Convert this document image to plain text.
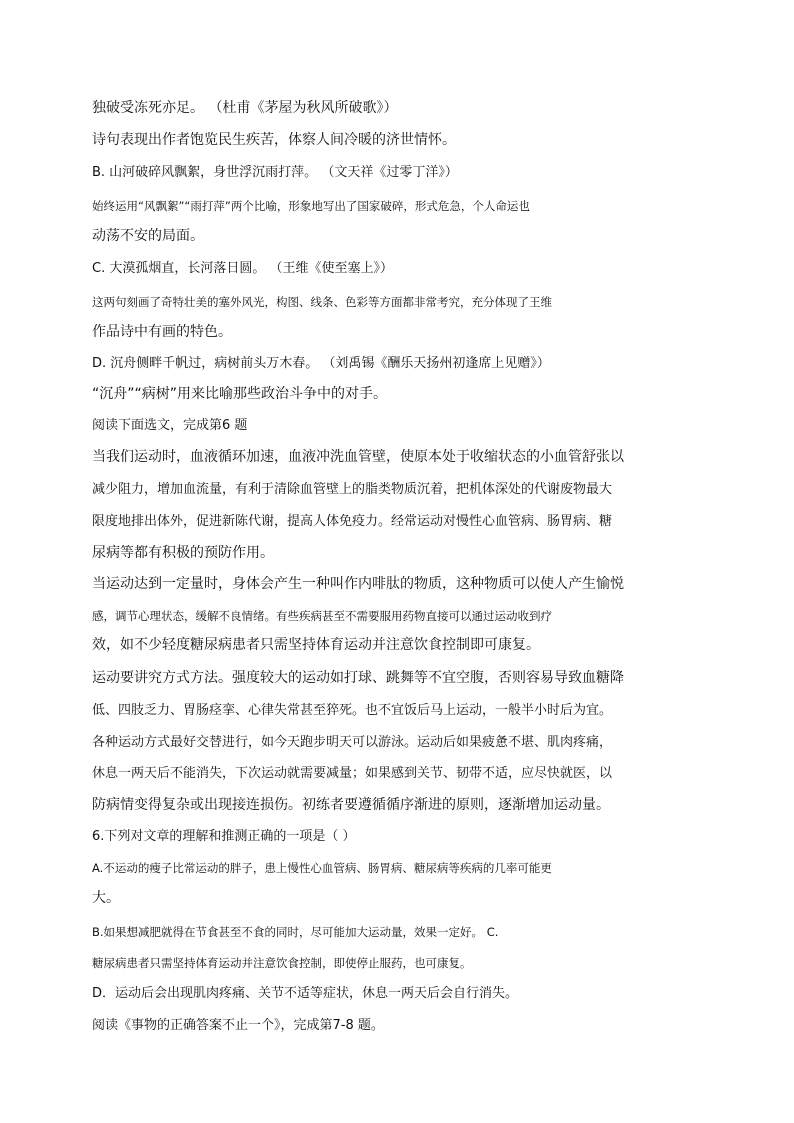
独破受冻死亦足。 （杜甫《茅屋为秋风所破歌》）
诗句表现出作者饱览民生疾苦，体察人间冷暖的济世情怀。
B. 山河破碎风飘絮，身世浮沉雨打萍。 （文天祥《过零丁洋》）
始终运用“风飘絮”“雨打萍”两个比喻，形象地写出了国家破碎，形式危急，个人命运也
动荡不安的局面。
C. 大漠孤烟直，长河落日圆。 （王维《使至塞上》）
这两句刻画了奇特壮美的塞外风光，构图、线条、色彩等方面都非常考究，充分体现了王维
作品诗中有画的特色。
D. 沉舟侧畔千帆过，病树前头万木春。 （刘禹锡《酬乐天扬州初逢席上见赠》）
“沉舟”“病树”用来比喻那些政治斗争中的对手。
阅读下面选文，完成第6 题
当我们运动时，血液循环加速，血液冲洗血管壁，使原本处于收缩状态的小血管舒张以
减少阻力，增加血流量，有利于清除血管壁上的脂类物质沉着，把机体深处的代谢废物最大
限度地排出体外，促进新陈代谢，提高人体免疫力。经常运动对慢性心血管病、肠胃病、糖
尿病等都有积极的预防作用。
当运动达到一定量时，身体会产生一种叫作内啡肽的物质，这种物质可以使人产生愉悦
感，调节心理状态，缓解不良情绪。有些疾病甚至不需要服用药物直接可以通过运动收到疗
效，如不少轻度糖尿病患者只需坚持体育运动并注意饮食控制即可康复。
运动要讲究方式方法。强度较大的运动如打球、跳舞等不宜空腹，否则容易导致血糖降
低、四肢乏力、胃肠痉挛、心律失常甚至猝死。也不宜饭后马上运动，一般半小时后为宜。
各种运动方式最好交替进行，如今天跑步明天可以游泳。运动后如果疲惫不堪、肌肉疼痛，
休息一两天后不能消失，下次运动就需要减量；如果感到关节、韧带不适，应尽快就医，以
防病情变得复杂或出现接连损伤。初练者要遵循循序渐进的原则，逐渐增加运动量。
6.下列对文章的理解和推测正确的一项是（ ）
A.不运动的瘦子比常运动的胖子，患上慢性心血管病、肠胃病、糖尿病等疾病的几率可能更
大。
B.如果想减肥就得在节食甚至不食的同时，尽可能加大运动量，效果一定好。 C.
糖尿病患者只需坚持体育运动并注意饮食控制，即使停止服药，也可康复。
D．运动后会出现肌肉疼痛、关节不适等症状，休息一两天后会自行消失。
阅读《事物的正确答案不止一个》，完成第7-8 题。
